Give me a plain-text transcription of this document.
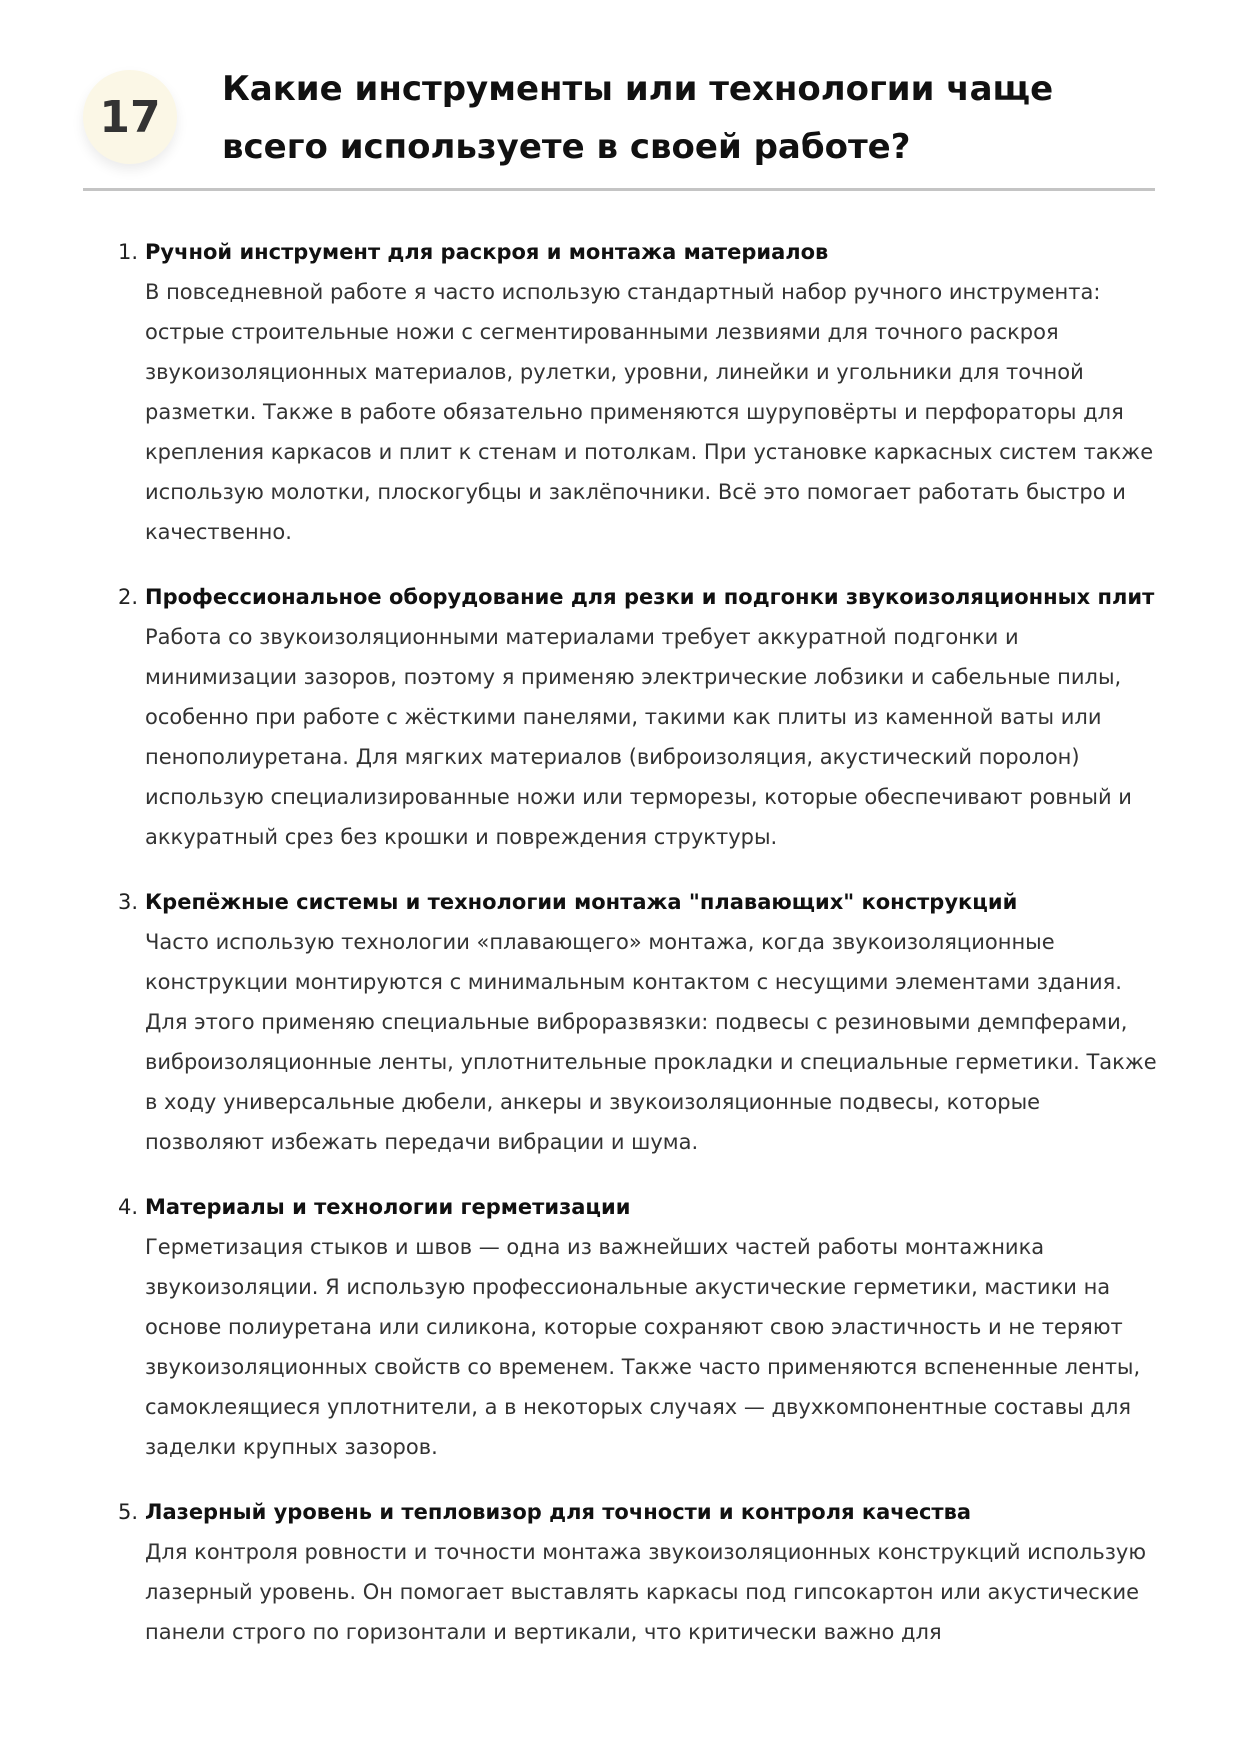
17
Какие инструменты или технологии чаще всего используете в своей работе?
1. Ручной инструмент для раскроя и монтажа материалов
В повседневной работе я часто использую стандартный набор ручного инструмента: острые строительные ножи с сегментированными лезвиями для точного раскроя звукоизоляционных материалов, рулетки, уровни, линейки и угольники для точной разметки. Также в работе обязательно применяются шуруповёрты и перфораторы для крепления каркасов и плит к стенам и потолкам. При установке каркасных систем также использую молотки, плоскогубцы и заклёпочники. Всё это помогает работать быстро и качественно.
2. Профессиональное оборудование для резки и подгонки звукоизоляционных плит
Работа со звукоизоляционными материалами требует аккуратной подгонки и минимизации зазоров, поэтому я применяю электрические лобзики и сабельные пилы, особенно при работе с жёсткими панелями, такими как плиты из каменной ваты или пенополиуретана. Для мягких материалов (виброизоляция, акустический поролон) использую специализированные ножи или терморезы, которые обеспечивают ровный и аккуратный срез без крошки и повреждения структуры.
3. Крепёжные системы и технологии монтажа "плавающих" конструкций
Часто использую технологии «плавающего» монтажа, когда звукоизоляционные конструкции монтируются с минимальным контактом с несущими элементами здания. Для этого применяю специальные виброразвязки: подвесы с резиновыми демпферами, виброизоляционные ленты, уплотнительные прокладки и специальные герметики. Также в ходу универсальные дюбели, анкеры и звукоизоляционные подвесы, которые позволяют избежать передачи вибрации и шума.
4. Материалы и технологии герметизации
Герметизация стыков и швов — одна из важнейших частей работы монтажника звукоизоляции. Я использую профессиональные акустические герметики, мастики на основе полиуретана или силикона, которые сохраняют свою эластичность и не теряют звукоизоляционных свойств со временем. Также часто применяются вспененные ленты, самоклеящиеся уплотнители, а в некоторых случаях — двухкомпонентные составы для заделки крупных зазоров.
5. Лазерный уровень и тепловизор для точности и контроля качества
Для контроля ровности и точности монтажа звукоизоляционных конструкций использую лазерный уровень. Он помогает выставлять каркасы под гипсокартон или акустические панели строго по горизонтали и вертикали, что критически важно для
